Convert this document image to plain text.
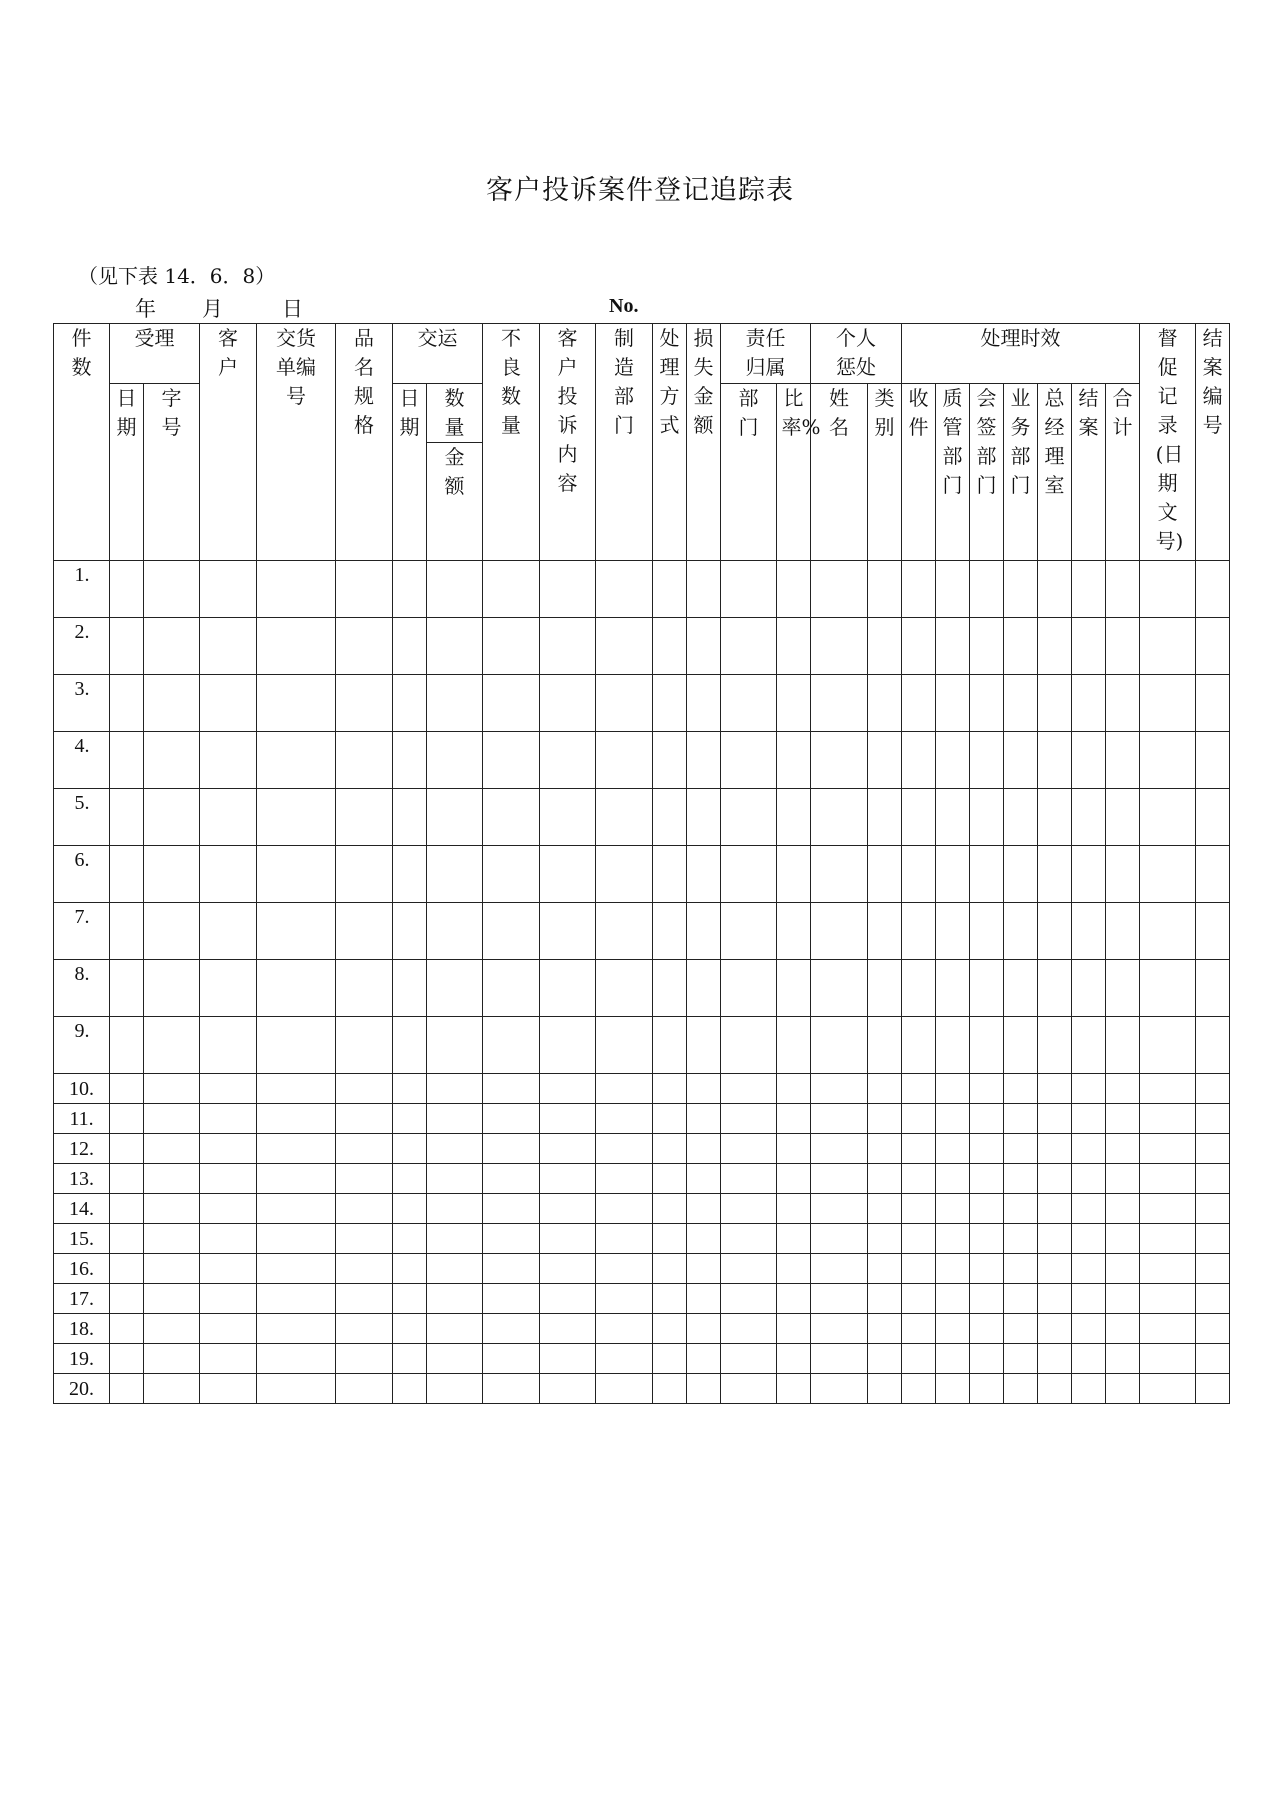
客户投诉案件登记追踪表
（见下表 14．6．8）
年 月	日	No.
件数	受理		客户	交货单编号	品名规格	交运		不良数量	客户投诉内容	制造部门	处理方式	损失金额	责任归属		个人惩处		处理时效							督促记录(日期文号)	结案编号

	日期	字号				日期	数量						部门	比率%	姓名	类别	收件	质管部门	会签部门	业务部门	总经理室	结案	合计		

							金额																		

1.																									

2.																									

3.																									

4.																									

5.																									

6.																									

7.																									

8.																									

9.																									

10.																									
11.																									
12.																									
13.																									
14.																									
15.																									
16.																									
17.																									
18.																									
19.																									
20.																									
